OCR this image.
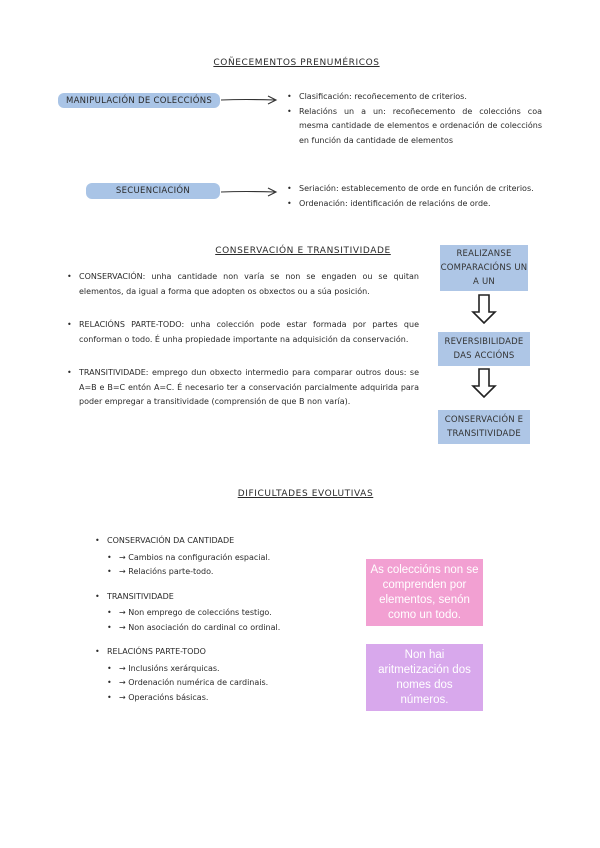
COÑECEMENTOS PRENUMÉRICOS
MANIPULACIÓN DE COLECCIÓNS	• Clasificación: recoñecemento de criterios.
• Relacións un a un: recoñecemento de coleccións coa mesma cantidade de elementos e ordenación de coleccións en función da cantidade de elementos
SECUENCIACIÓN	• Seriación: establecemento de orde en función de criterios.
• Ordenación: identificación de relacións de orde.
CONSERVACIÓN E TRANSITIVIDADE
• CONSERVACIÓN: unha cantidade non varía se non se engaden ou se quitan elementos, da igual a forma que adopten os obxectos ou a súa posición.
• RELACIÓNS PARTE-TODO: unha colección pode estar formada por partes que conforman o todo. É unha propiedade importante na adquisición da conservación.
• TRANSITIVIDADE: emprego dun obxecto intermedio para comparar outros dous: se A=B e B=C entón A=C. É necesario ter a conservación parcialmente adquirida para poder empregar a transitividade (comprensión de que B non varía).
REALIZANSE COMPARACIÓNS UN A UN
REVERSIBILIDADE DAS ACCIÓNS
CONSERVACIÓN E TRANSITIVIDADE
DIFICULTADES EVOLUTIVAS
• CONSERVACIÓN DA CANTIDADE
• → Cambios na configuración espacial.
• → Relacións parte-todo.
• TRANSITIVIDADE
• → Non emprego de coleccións testigo.
• → Non asociación do cardinal co ordinal.
• RELACIÓNS PARTE-TODO
• → Inclusións xerárquicas.
• → Ordenación numérica de cardinais.
• → Operacións básicas.
As coleccións non se comprenden por elementos, senón como un todo.
Non hai aritmetización dos nomes dos números.
